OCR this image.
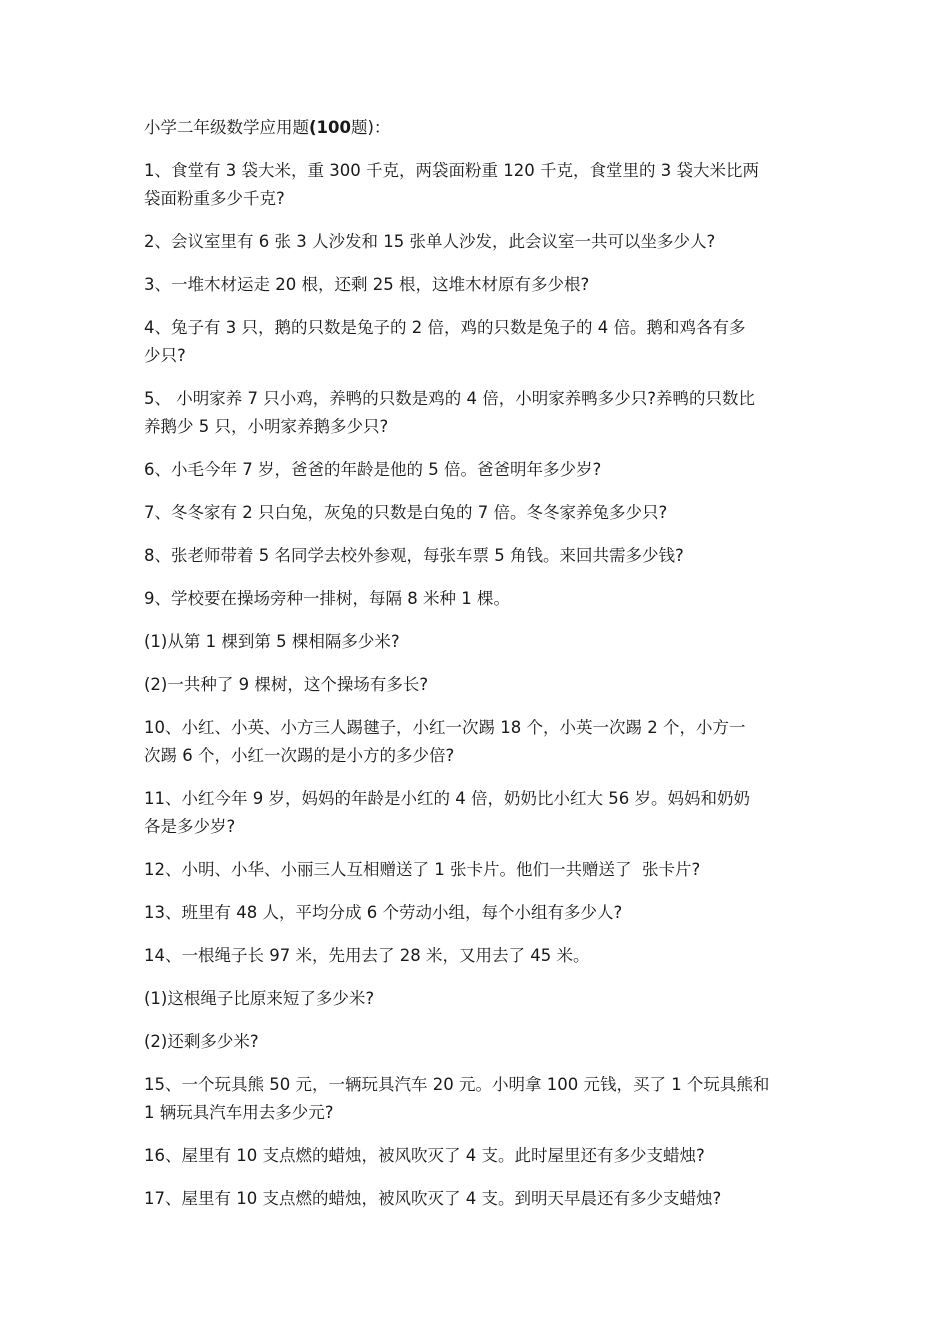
小学二年级数学应用题(100题)：
1、食堂有 3 袋大米，重 300 千克，两袋面粉重 120 千克，食堂里的 3 袋大米比两
袋面粉重多少千克?
2、会议室里有 6 张 3 人沙发和 15 张单人沙发，此会议室一共可以坐多少人?
3、一堆木材运走 20 根，还剩 25 根，这堆木材原有多少根?
4、兔子有 3 只，鹅的只数是兔子的 2 倍，鸡的只数是兔子的 4 倍。鹅和鸡各有多
少只?
5、 小明家养 7 只小鸡，养鸭的只数是鸡的 4 倍，小明家养鸭多少只?养鸭的只数比
养鹅少 5 只，小明家养鹅多少只?
6、小毛今年 7 岁，爸爸的年龄是他的 5 倍。爸爸明年多少岁?
7、冬冬家有 2 只白兔，灰兔的只数是白兔的 7 倍。冬冬家养兔多少只?
8、张老师带着 5 名同学去校外参观，每张车票 5 角钱。来回共需多少钱?
9、学校要在操场旁种一排树，每隔 8 米种 1 棵。
(1)从第 1 棵到第 5 棵相隔多少米?
(2)一共种了 9 棵树，这个操场有多长?
10、小红、小英、小方三人踢毽子，小红一次踢 18 个，小英一次踢 2 个，小方一
次踢 6 个，小红一次踢的是小方的多少倍?
11、小红今年 9 岁，妈妈的年龄是小红的 4 倍，奶奶比小红大 56 岁。妈妈和奶奶
各是多少岁?
12、小明、小华、小丽三人互相赠送了 1 张卡片。他们一共赠送了  张卡片?
13、班里有 48 人，平均分成 6 个劳动小组，每个小组有多少人?
14、一根绳子长 97 米，先用去了 28 米，又用去了 45 米。
(1)这根绳子比原来短了多少米?
(2)还剩多少米?
15、一个玩具熊 50 元，一辆玩具汽车 20 元。小明拿 100 元钱，买了 1 个玩具熊和
1 辆玩具汽车用去多少元?
16、屋里有 10 支点燃的蜡烛，被风吹灭了 4 支。此时屋里还有多少支蜡烛?
17、屋里有 10 支点燃的蜡烛，被风吹灭了 4 支。到明天早晨还有多少支蜡烛?
